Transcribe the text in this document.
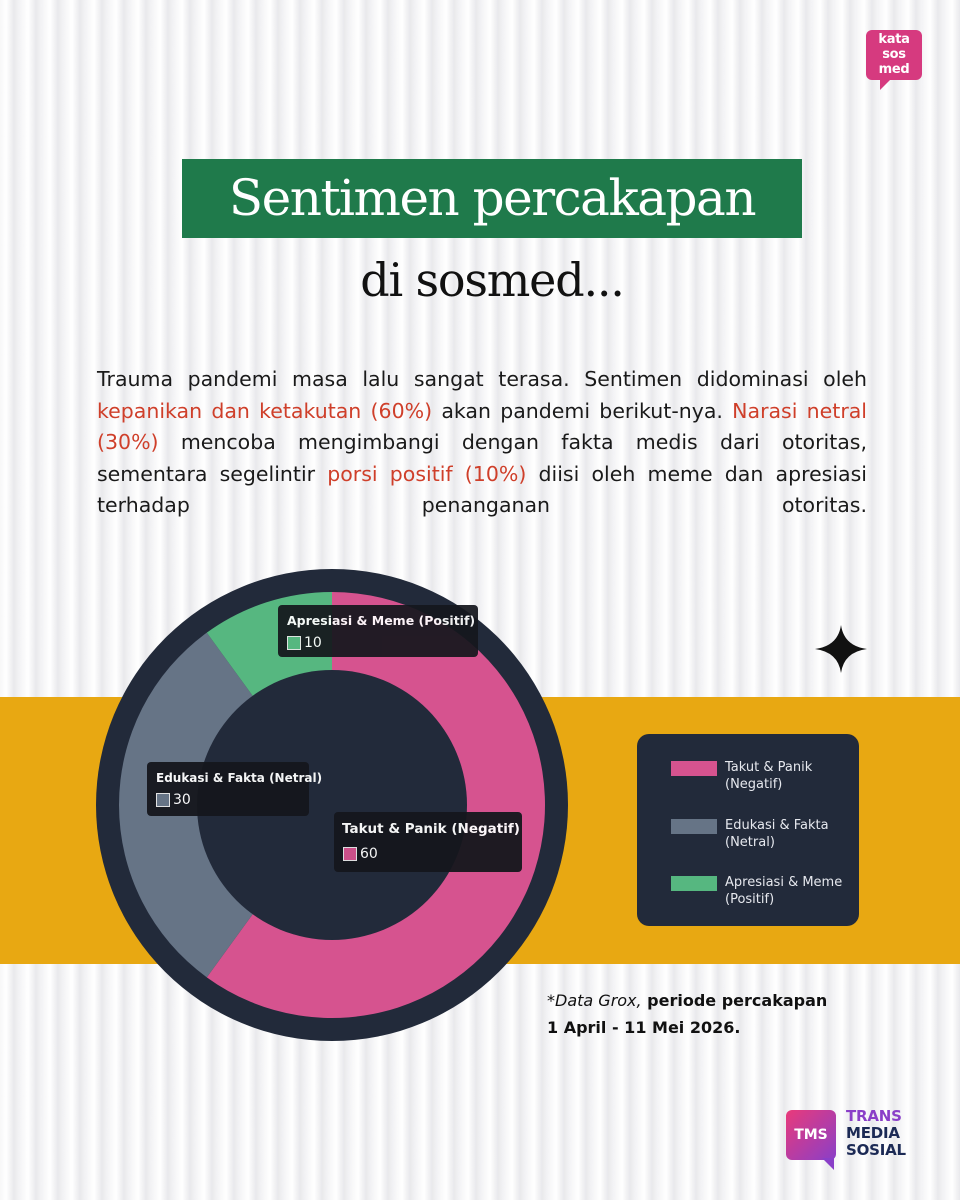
kata
sos
med
Sentimen percakapan
di sosmed...

Trauma pandemi masa lalu sangat terasa. Sentimen didominasi oleh kepanikan dan ketakutan (60%) akan pandemi berikut-nya. Narasi netral (30%) mencoba mengimbangi dengan fakta medis dari otoritas, sementara segelintir porsi positif (10%) diisi oleh meme dan apresiasi terhadap penanganan otoritas.

Apresiasi & Meme (Positif)
10
Edukasi & Fakta (Netral)
30
Takut & Panik (Negatif)
60
Takut & Panik
(Negatif)
Edukasi & Fakta
(Netral)
Apresiasi & Meme
(Positif)
*Data Grox, periode percakapan
1 April - 11 Mei 2026.
TMS
TRANS
MEDIA
SOSIAL
